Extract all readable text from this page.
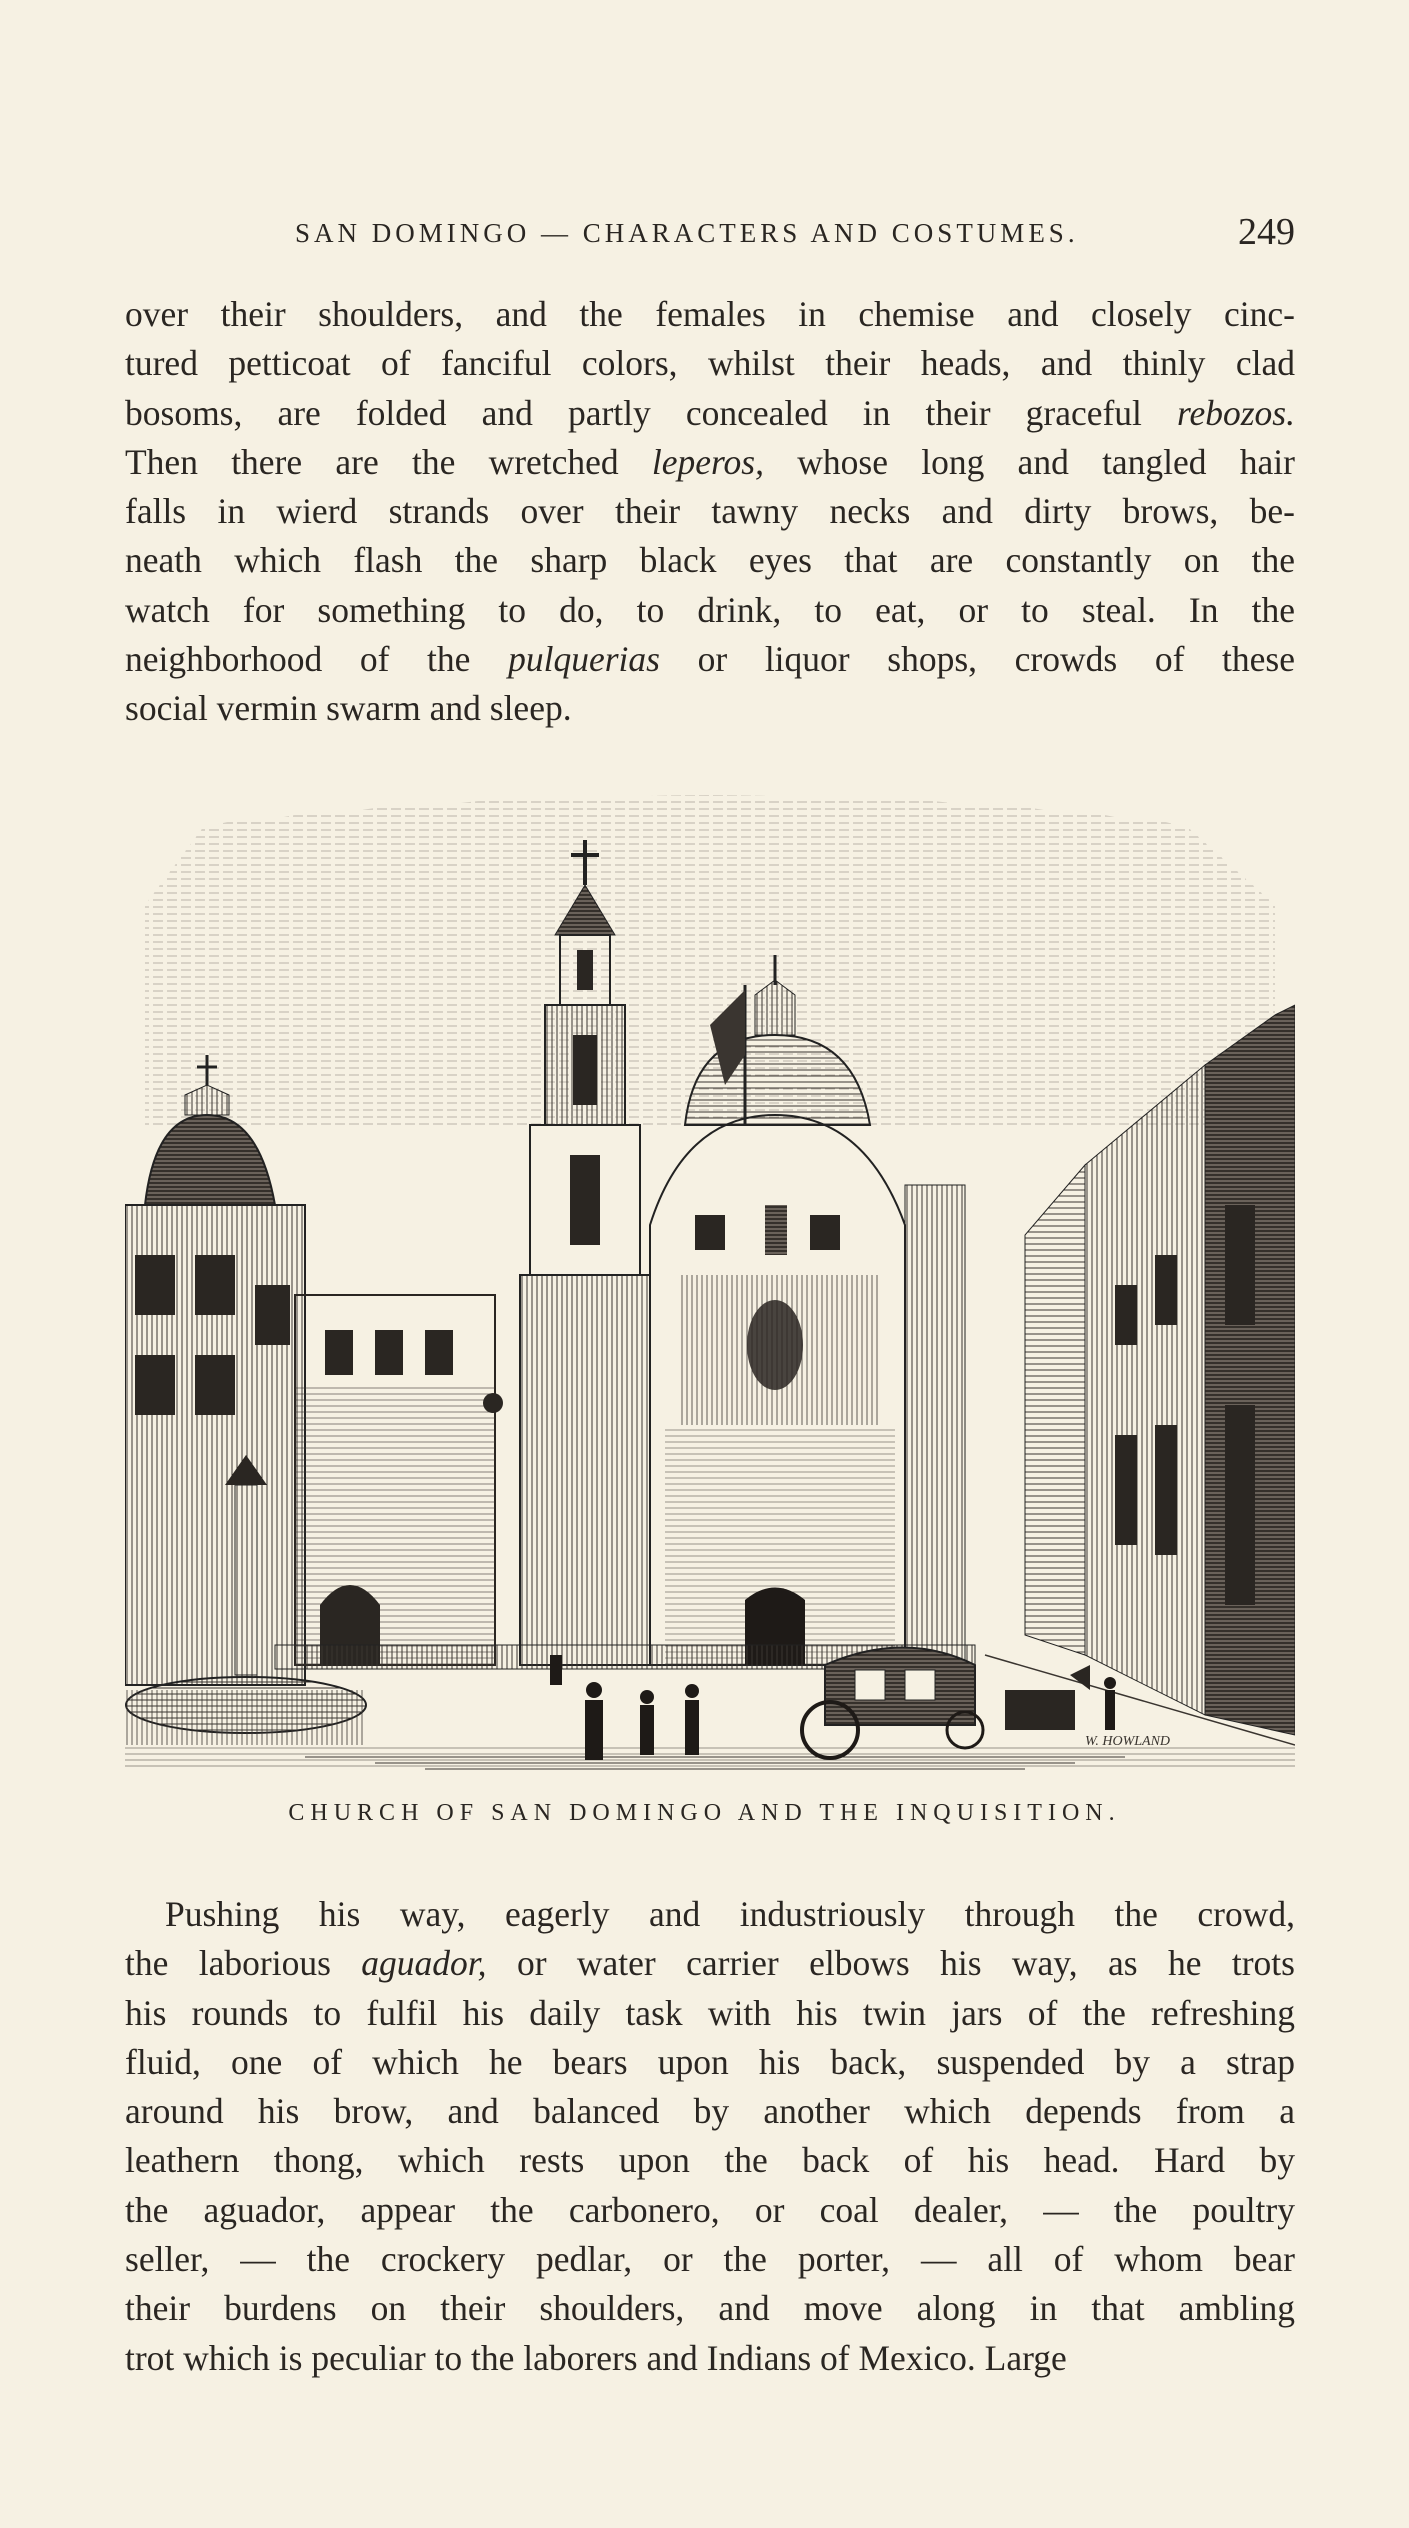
SAN DOMINGO — CHARACTERS AND COSTUMES.	249
over their shoulders, and the females in chemise and closely cinc-
tured petticoat of fanciful colors, whilst their heads, and thinly clad
bosoms, are folded and partly concealed in their graceful rebozos.
Then there are the wretched leperos, whose long and tangled hair
falls in wierd strands over their tawny necks and dirty brows, be-
neath which flash the sharp black eyes that are constantly on the
watch for something to do, to drink, to eat, or to steal. In the
neighborhood of the pulquerias or liquor shops, crowds of these
social vermin swarm and sleep.
W. HOWLAND
CHURCH OF SAN DOMINGO AND THE INQUISITION.
Pushing his way, eagerly and industriously through the crowd,
the laborious aguador, or water carrier elbows his way, as he trots
his rounds to fulfil his daily task with his twin jars of the refreshing
fluid, one of which he bears upon his back, suspended by a strap
around his brow, and balanced by another which depends from a
leathern thong, which rests upon the back of his head. Hard by
the aguador, appear the carbonero, or coal dealer, — the poultry
seller, — the crockery pedlar, or the porter, — all of whom bear
their burdens on their shoulders, and move along in that ambling
trot which is peculiar to the laborers and Indians of Mexico. Large
